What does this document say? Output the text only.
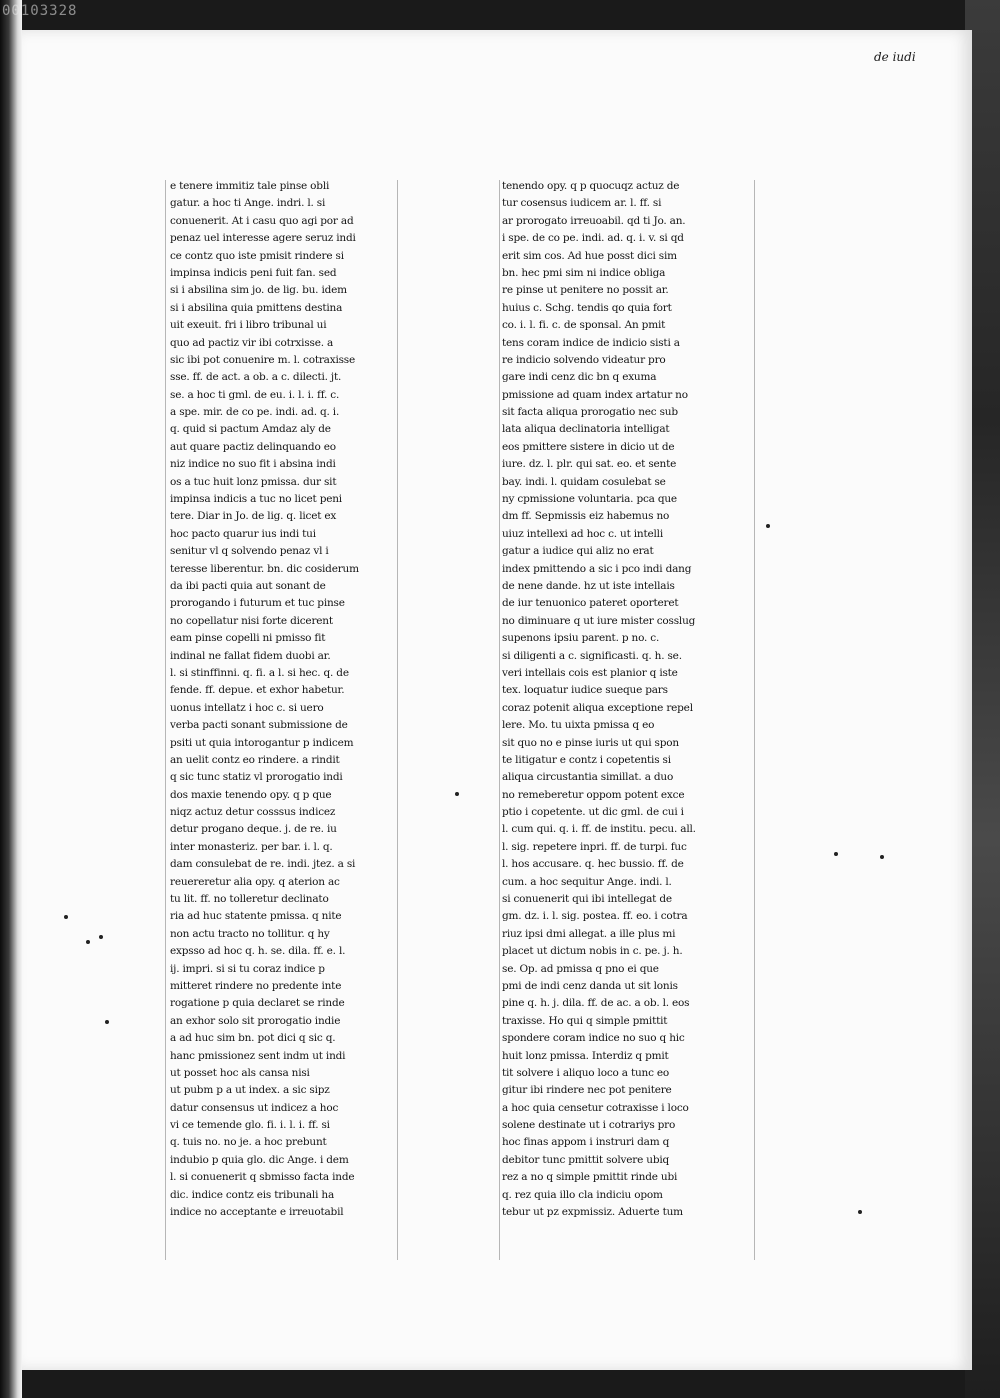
00103328
de iudi
e tenere immitiz tale pinse obli
gatur. a hoc ti Ange. indri. l. si
conuenerit. At i casu quo agi por ad
penaz uel interesse agere seruz indi
ce contz quo iste pmisit rindere si
impinsa indicis peni fuit fan. sed
si i absilina sim jo. de lig. bu. idem
si i absilina quia pmittens destina
uit exeuit. fri i libro tribunal ui
quo ad pactiz vir ibi cotrxisse. a
sic ibi pot conuenire m. l. cotraxisse
sse. ff. de act. a ob. a c. dilecti. jt.
se. a hoc ti gml. de eu. i. l. i. ff. c.
a spe. mir. de co pe. indi. ad. q. i.
q. quid si pactum Amdaz aly de
aut quare pactiz delinquando eo
niz indice no suo fit i absina indi
os a tuc huit lonz pmissa. dur sit
impinsa indicis a tuc no licet peni
tere. Diar in Jo. de lig. q. licet ex
hoc pacto quarur ius indi tui
senitur vl q solvendo penaz vl i
teresse liberentur. bn. dic cosiderum
da ibi pacti quia aut sonant de
prorogando i futurum et tuc pinse
no copellatur nisi forte dicerent
eam pinse copelli ni pmisso fit
indinal ne fallat fidem duobi ar.
l. si stinffinni. q. fi. a l. si hec. q. de
fende. ff. depue. et exhor habetur.
uonus intellatz i hoc c. si uero
verba pacti sonant submissione de
psiti ut quia intorogantur p indicem
an uelit contz eo rindere. a rindit
q sic tunc statiz vl prorogatio indi
dos maxie tenendo opy. q p que
niqz actuz detur cosssus indicez
detur progano deque. j. de re. iu
inter monasteriz. per bar. i. l. q.
dam consulebat de re. indi. jtez. a si
reuereretur alia opy. q aterion ac
tu lit. ff. no tolleretur declinato
ria ad huc statente pmissa. q nite
non actu tracto no tollitur. q hy
expsso ad hoc q. h. se. dila. ff. e. l.
ij. impri. si si tu coraz indice p
mitteret rindere no predente inte
rogatione p quia declaret se rinde
an exhor solo sit prorogatio indie
a ad huc sim bn. pot dici q sic q.
hanc pmissionez sent indm ut indi
ut posset hoc als cansa nisi
ut pubm p a ut index. a sic sipz
datur consensus ut indicez a hoc
vi ce temende glo. fi. i. l. i. ff. si
q. tuis no. no je. a hoc prebunt
indubio p quia glo. dic Ange. i dem
l. si conuenerit q sbmisso facta inde
dic. indice contz eis tribunali ha
indice no acceptante e irreuotabil
tenendo opy. q p quocuqz actuz de
tur cosensus iudicem ar. l. ff. si
ar prorogato irreuoabil. qd ti Jo. an.
i spe. de co pe. indi. ad. q. i. v. si qd
erit sim cos. Ad hue posst dici sim
bn. hec pmi sim ni indice obliga
re pinse ut penitere no possit ar.
huius c. Schg. tendis qo quia fort
co. i. l. fi. c. de sponsal. An pmit
tens coram indice de indicio sisti a
re indicio solvendo videatur pro
gare indi cenz dic bn q exuma
pmissione ad quam index artatur no
sit facta aliqua prorogatio nec sub
lata aliqua declinatoria intelligat
eos pmittere sistere in dicio ut de
iure. dz. l. plr. qui sat. eo. et sente
bay. indi. l. quidam cosulebat se
ny cpmissione voluntaria. pca que
dm ff. Sepmissis eiz habemus no
uiuz intellexi ad hoc c. ut intelli
gatur a iudice qui aliz no erat
index pmittendo a sic i pco indi dang
de nene dande. hz ut iste intellais
de iur tenuonico pateret oporteret
no diminuare q ut iure mister cosslug
supenons ipsiu parent. p no. c.
si diligenti a c. significasti. q. h. se.
veri intellais cois est planior q iste
tex. loquatur iudice sueque pars
coraz potenit aliqua exceptione repel
lere. Mo. tu uixta pmissa q eo
sit quo no e pinse iuris ut qui spon
te litigatur e contz i copetentis si
aliqua circustantia simillat. a duo
no remeberetur oppom potent exce
ptio i copetente. ut dic gml. de cui i
l. cum qui. q. i. ff. de institu. pecu. all.
l. sig. repetere inpri. ff. de turpi. fuc
l. hos accusare. q. hec bussio. ff. de
cum. a hoc sequitur Ange. indi. l.
si conuenerit qui ibi intellegat de
gm. dz. i. l. sig. postea. ff. eo. i cotra
riuz ipsi dmi allegat. a ille plus mi
placet ut dictum nobis in c. pe. j. h.
se. Op. ad pmissa q pno ei que
pmi de indi cenz danda ut sit lonis
pine q. h. j. dila. ff. de ac. a ob. l. eos
traxisse. Ho qui q simple pmittit
spondere coram indice no suo q hic
huit lonz pmissa. Interdiz q pmit
tit solvere i aliquo loco a tunc eo
gitur ibi rindere nec pot penitere
a hoc quia censetur cotraxisse i loco
solene destinate ut i cotrariys pro
hoc finas appom i instruri dam q
debitor tunc pmittit solvere ubiq
rez a no q simple pmittit rinde ubi
q. rez quia illo cla indiciu opom
tebur ut pz expmissiz. Aduerte tum
